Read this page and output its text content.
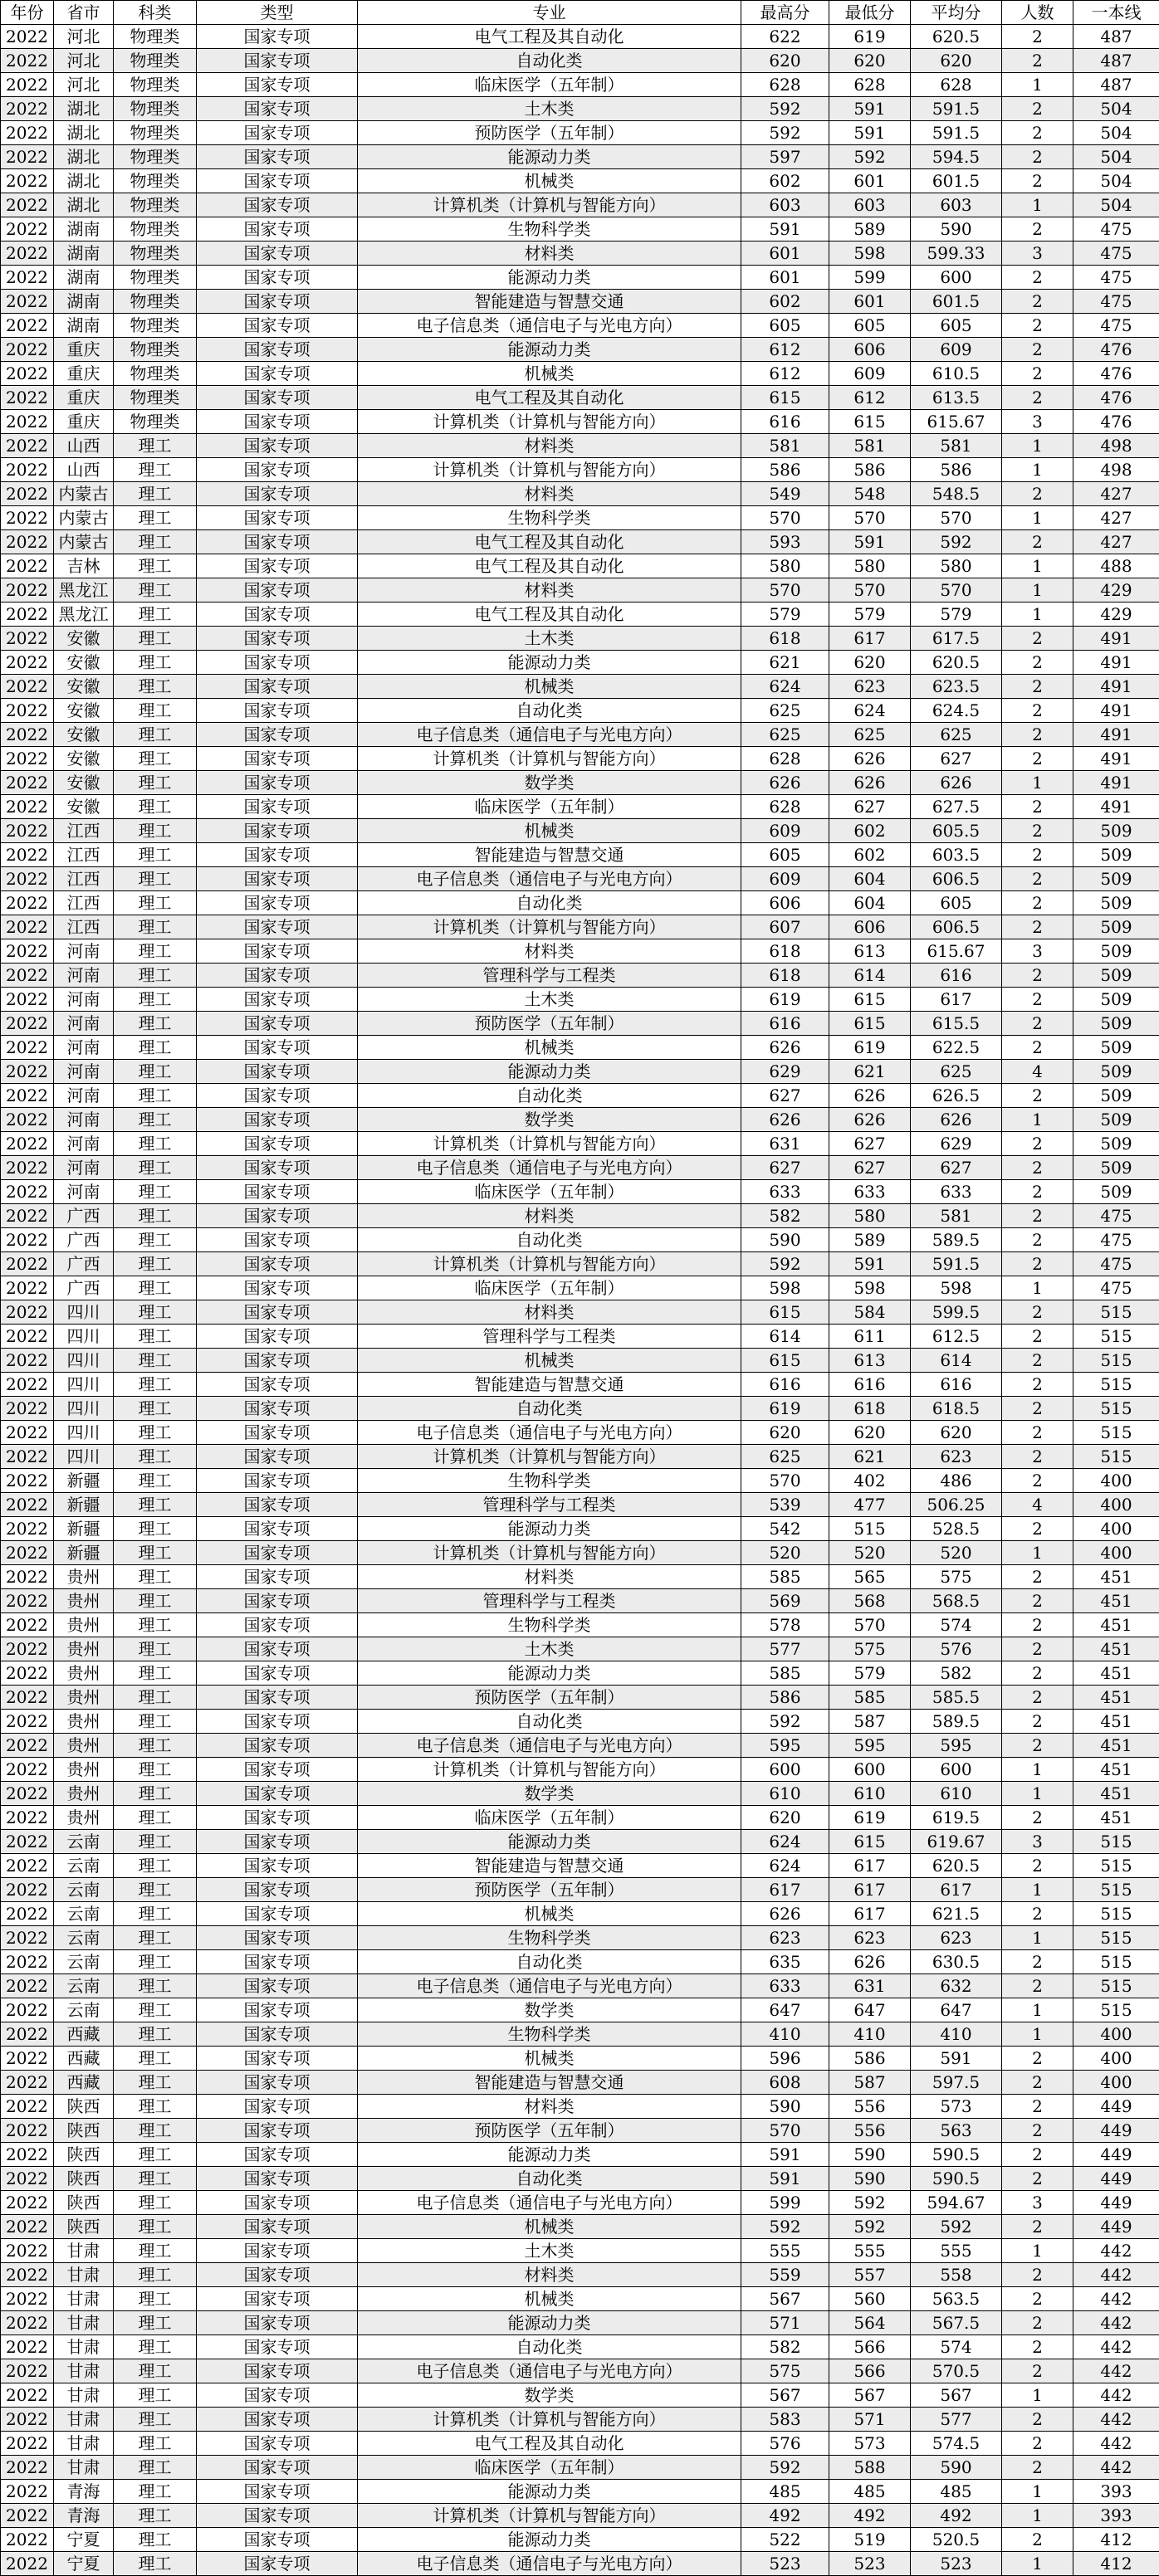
年份	省市	科类	类型	专业	最高分	最低分	平均分	人数	一本线
2022	河北	物理类	国家专项	电气工程及其自动化	622	619	620.5	2	487
2022	河北	物理类	国家专项	自动化类	620	620	620	2	487
2022	河北	物理类	国家专项	临床医学（五年制）	628	628	628	1	487
2022	湖北	物理类	国家专项	土木类	592	591	591.5	2	504
2022	湖北	物理类	国家专项	预防医学（五年制）	592	591	591.5	2	504
2022	湖北	物理类	国家专项	能源动力类	597	592	594.5	2	504
2022	湖北	物理类	国家专项	机械类	602	601	601.5	2	504
2022	湖北	物理类	国家专项	计算机类（计算机与智能方向）	603	603	603	1	504
2022	湖南	物理类	国家专项	生物科学类	591	589	590	2	475
2022	湖南	物理类	国家专项	材料类	601	598	599.33	3	475
2022	湖南	物理类	国家专项	能源动力类	601	599	600	2	475
2022	湖南	物理类	国家专项	智能建造与智慧交通	602	601	601.5	2	475
2022	湖南	物理类	国家专项	电子信息类（通信电子与光电方向）	605	605	605	2	475
2022	重庆	物理类	国家专项	能源动力类	612	606	609	2	476
2022	重庆	物理类	国家专项	机械类	612	609	610.5	2	476
2022	重庆	物理类	国家专项	电气工程及其自动化	615	612	613.5	2	476
2022	重庆	物理类	国家专项	计算机类（计算机与智能方向）	616	615	615.67	3	476
2022	山西	理工	国家专项	材料类	581	581	581	1	498
2022	山西	理工	国家专项	计算机类（计算机与智能方向）	586	586	586	1	498
2022	内蒙古	理工	国家专项	材料类	549	548	548.5	2	427
2022	内蒙古	理工	国家专项	生物科学类	570	570	570	1	427
2022	内蒙古	理工	国家专项	电气工程及其自动化	593	591	592	2	427
2022	吉林	理工	国家专项	电气工程及其自动化	580	580	580	1	488
2022	黑龙江	理工	国家专项	材料类	570	570	570	1	429
2022	黑龙江	理工	国家专项	电气工程及其自动化	579	579	579	1	429
2022	安徽	理工	国家专项	土木类	618	617	617.5	2	491
2022	安徽	理工	国家专项	能源动力类	621	620	620.5	2	491
2022	安徽	理工	国家专项	机械类	624	623	623.5	2	491
2022	安徽	理工	国家专项	自动化类	625	624	624.5	2	491
2022	安徽	理工	国家专项	电子信息类（通信电子与光电方向）	625	625	625	2	491
2022	安徽	理工	国家专项	计算机类（计算机与智能方向）	628	626	627	2	491
2022	安徽	理工	国家专项	数学类	626	626	626	1	491
2022	安徽	理工	国家专项	临床医学（五年制）	628	627	627.5	2	491
2022	江西	理工	国家专项	机械类	609	602	605.5	2	509
2022	江西	理工	国家专项	智能建造与智慧交通	605	602	603.5	2	509
2022	江西	理工	国家专项	电子信息类（通信电子与光电方向）	609	604	606.5	2	509
2022	江西	理工	国家专项	自动化类	606	604	605	2	509
2022	江西	理工	国家专项	计算机类（计算机与智能方向）	607	606	606.5	2	509
2022	河南	理工	国家专项	材料类	618	613	615.67	3	509
2022	河南	理工	国家专项	管理科学与工程类	618	614	616	2	509
2022	河南	理工	国家专项	土木类	619	615	617	2	509
2022	河南	理工	国家专项	预防医学（五年制）	616	615	615.5	2	509
2022	河南	理工	国家专项	机械类	626	619	622.5	2	509
2022	河南	理工	国家专项	能源动力类	629	621	625	4	509
2022	河南	理工	国家专项	自动化类	627	626	626.5	2	509
2022	河南	理工	国家专项	数学类	626	626	626	1	509
2022	河南	理工	国家专项	计算机类（计算机与智能方向）	631	627	629	2	509
2022	河南	理工	国家专项	电子信息类（通信电子与光电方向）	627	627	627	2	509
2022	河南	理工	国家专项	临床医学（五年制）	633	633	633	2	509
2022	广西	理工	国家专项	材料类	582	580	581	2	475
2022	广西	理工	国家专项	自动化类	590	589	589.5	2	475
2022	广西	理工	国家专项	计算机类（计算机与智能方向）	592	591	591.5	2	475
2022	广西	理工	国家专项	临床医学（五年制）	598	598	598	1	475
2022	四川	理工	国家专项	材料类	615	584	599.5	2	515
2022	四川	理工	国家专项	管理科学与工程类	614	611	612.5	2	515
2022	四川	理工	国家专项	机械类	615	613	614	2	515
2022	四川	理工	国家专项	智能建造与智慧交通	616	616	616	2	515
2022	四川	理工	国家专项	自动化类	619	618	618.5	2	515
2022	四川	理工	国家专项	电子信息类（通信电子与光电方向）	620	620	620	2	515
2022	四川	理工	国家专项	计算机类（计算机与智能方向）	625	621	623	2	515
2022	新疆	理工	国家专项	生物科学类	570	402	486	2	400
2022	新疆	理工	国家专项	管理科学与工程类	539	477	506.25	4	400
2022	新疆	理工	国家专项	能源动力类	542	515	528.5	2	400
2022	新疆	理工	国家专项	计算机类（计算机与智能方向）	520	520	520	1	400
2022	贵州	理工	国家专项	材料类	585	565	575	2	451
2022	贵州	理工	国家专项	管理科学与工程类	569	568	568.5	2	451
2022	贵州	理工	国家专项	生物科学类	578	570	574	2	451
2022	贵州	理工	国家专项	土木类	577	575	576	2	451
2022	贵州	理工	国家专项	能源动力类	585	579	582	2	451
2022	贵州	理工	国家专项	预防医学（五年制）	586	585	585.5	2	451
2022	贵州	理工	国家专项	自动化类	592	587	589.5	2	451
2022	贵州	理工	国家专项	电子信息类（通信电子与光电方向）	595	595	595	2	451
2022	贵州	理工	国家专项	计算机类（计算机与智能方向）	600	600	600	1	451
2022	贵州	理工	国家专项	数学类	610	610	610	1	451
2022	贵州	理工	国家专项	临床医学（五年制）	620	619	619.5	2	451
2022	云南	理工	国家专项	能源动力类	624	615	619.67	3	515
2022	云南	理工	国家专项	智能建造与智慧交通	624	617	620.5	2	515
2022	云南	理工	国家专项	预防医学（五年制）	617	617	617	1	515
2022	云南	理工	国家专项	机械类	626	617	621.5	2	515
2022	云南	理工	国家专项	生物科学类	623	623	623	1	515
2022	云南	理工	国家专项	自动化类	635	626	630.5	2	515
2022	云南	理工	国家专项	电子信息类（通信电子与光电方向）	633	631	632	2	515
2022	云南	理工	国家专项	数学类	647	647	647	1	515
2022	西藏	理工	国家专项	生物科学类	410	410	410	1	400
2022	西藏	理工	国家专项	机械类	596	586	591	2	400
2022	西藏	理工	国家专项	智能建造与智慧交通	608	587	597.5	2	400
2022	陕西	理工	国家专项	材料类	590	556	573	2	449
2022	陕西	理工	国家专项	预防医学（五年制）	570	556	563	2	449
2022	陕西	理工	国家专项	能源动力类	591	590	590.5	2	449
2022	陕西	理工	国家专项	自动化类	591	590	590.5	2	449
2022	陕西	理工	国家专项	电子信息类（通信电子与光电方向）	599	592	594.67	3	449
2022	陕西	理工	国家专项	机械类	592	592	592	2	449
2022	甘肃	理工	国家专项	土木类	555	555	555	1	442
2022	甘肃	理工	国家专项	材料类	559	557	558	2	442
2022	甘肃	理工	国家专项	机械类	567	560	563.5	2	442
2022	甘肃	理工	国家专项	能源动力类	571	564	567.5	2	442
2022	甘肃	理工	国家专项	自动化类	582	566	574	2	442
2022	甘肃	理工	国家专项	电子信息类（通信电子与光电方向）	575	566	570.5	2	442
2022	甘肃	理工	国家专项	数学类	567	567	567	1	442
2022	甘肃	理工	国家专项	计算机类（计算机与智能方向）	583	571	577	2	442
2022	甘肃	理工	国家专项	电气工程及其自动化	576	573	574.5	2	442
2022	甘肃	理工	国家专项	临床医学（五年制）	592	588	590	2	442
2022	青海	理工	国家专项	能源动力类	485	485	485	1	393
2022	青海	理工	国家专项	计算机类（计算机与智能方向）	492	492	492	1	393
2022	宁夏	理工	国家专项	能源动力类	522	519	520.5	2	412
2022	宁夏	理工	国家专项	电子信息类（通信电子与光电方向）	523	523	523	1	412
